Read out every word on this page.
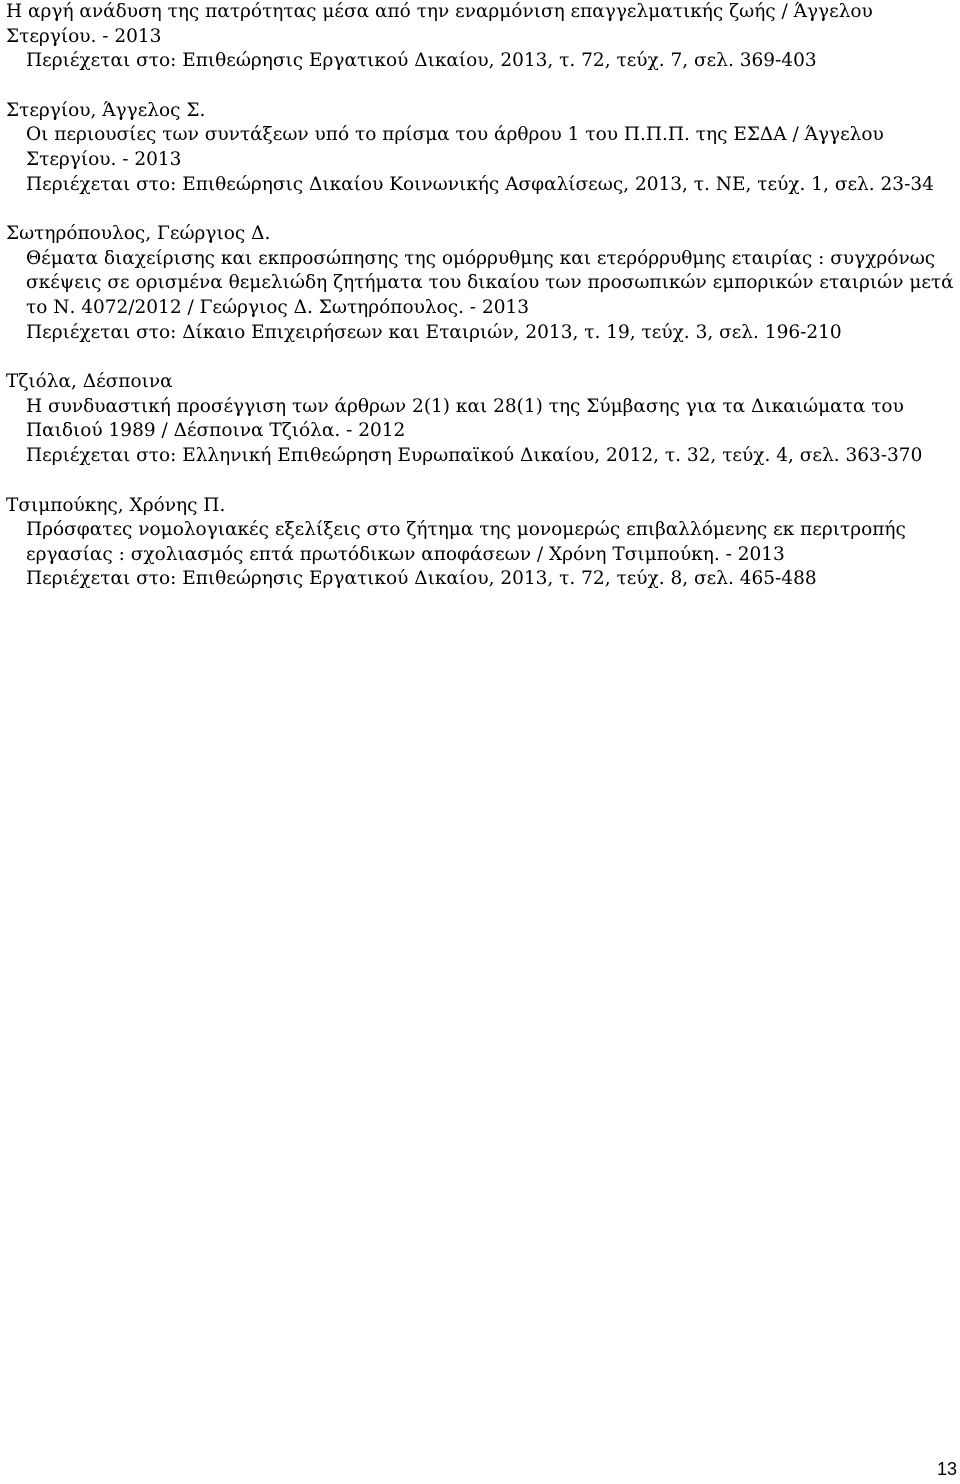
Η αργή ανάδυση της πατρότητας μέσα από την εναρμόνιση επαγγελματικής ζωής / Άγγελου Στεργίου. - 2013
Περιέχεται στο: Επιθεώρησις Εργατικού Δικαίου, 2013, τ. 72, τεύχ. 7, σελ. 369-403
Στεργίου, Άγγελος Σ.
Οι περιουσίες των συντάξεων υπό το πρίσμα του άρθρου 1 του Π.Π.Π. της ΕΣΔΑ / Άγγελου Στεργίου. - 2013
Περιέχεται στο: Επιθεώρησις Δικαίου Κοινωνικής Ασφαλίσεως, 2013, τ. ΝΕ, τεύχ. 1, σελ. 23-34
Σωτηρόπουλος, Γεώργιος Δ.
Θέματα διαχείρισης και εκπροσώπησης της ομόρρυθμης και ετερόρρυθμης εταιρίας : συγχρόνως σκέψεις σε ορισμένα θεμελιώδη ζητήματα του δικαίου των προσωπικών εμπορικών εταιριών μετά το Ν. 4072/2012 / Γεώργιος Δ. Σωτηρόπουλος. - 2013
Περιέχεται στο: Δίκαιο Επιχειρήσεων και Εταιριών, 2013, τ. 19, τεύχ. 3, σελ. 196-210
Τζιόλα, Δέσποινα
Η συνδυαστική προσέγγιση των άρθρων 2(1) και 28(1) της Σύμβασης για τα Δικαιώματα του Παιδιού 1989 / Δέσποινα Τζιόλα. - 2012
Περιέχεται στο: Ελληνική Επιθεώρηση Ευρωπαϊκού Δικαίου, 2012, τ. 32, τεύχ. 4, σελ. 363-370
Τσιμπούκης, Χρόνης Π.
Πρόσφατες νομολογιακές εξελίξεις στο ζήτημα της μονομερώς επιβαλλόμενης εκ περιτροπής εργασίας : σχολιασμός επτά πρωτόδικων αποφάσεων / Χρόνη Τσιμπούκη. - 2013
Περιέχεται στο: Επιθεώρησις Εργατικού Δικαίου, 2013, τ. 72, τεύχ. 8, σελ. 465-488
13
